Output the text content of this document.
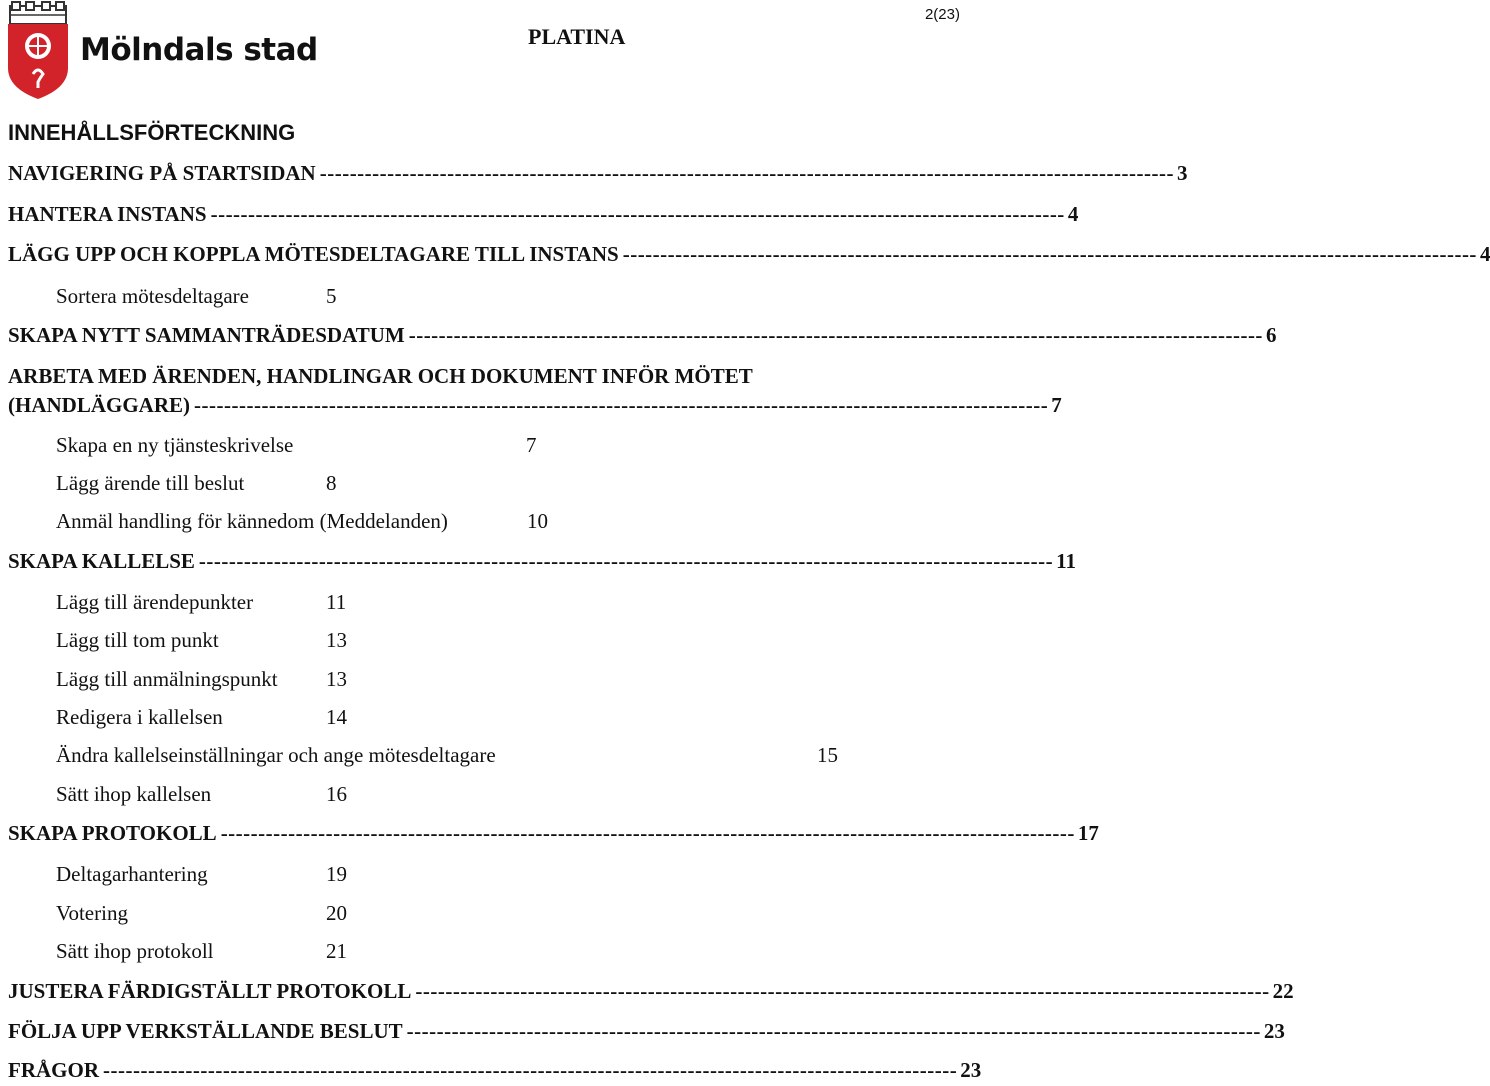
Mölndals stad	PLATINA
2(23)
INNEHÅLLSFÖRTECKNING
NAVIGERING PÅ STARTSIDAN ------------------------------------------------------------------------------------------------------------------ 3
HANTERA INSTANS ------------------------------------------------------------------------------------------------------------------ 4
LÄGG UPP OCH KOPPLA MÖTESDELTAGARE TILL INSTANS ------------------------------------------------------------------------------------------------------------------ 4
Sortera mötesdeltagare	5
SKAPA NYTT SAMMANTRÄDESDATUM ------------------------------------------------------------------------------------------------------------------ 6
ARBETA MED ÄRENDEN, HANDLINGAR OCH DOKUMENT INFÖR MÖTET
(HANDLÄGGARE) ------------------------------------------------------------------------------------------------------------------ 7
Skapa en ny tjänsteskrivelse	7
Lägg ärende till beslut	8
Anmäl handling för kännedom (Meddelanden)	10
SKAPA KALLELSE ------------------------------------------------------------------------------------------------------------------ 11
Lägg till ärendepunkter	11
Lägg till tom punkt	13
Lägg till anmälningspunkt 13
Redigera i kallelsen	14
Ändra kallelseinställningar och ange mötesdeltagare	15
Sätt ihop kallelsen	16
SKAPA PROTOKOLL ------------------------------------------------------------------------------------------------------------------ 17
Deltagarhantering	19
Votering	20
Sätt ihop protokoll	21
JUSTERA FÄRDIGSTÄLLT PROTOKOLL ------------------------------------------------------------------------------------------------------------------ 22
FÖLJA UPP VERKSTÄLLANDE BESLUT ------------------------------------------------------------------------------------------------------------------ 23
FRÅGOR ------------------------------------------------------------------------------------------------------------------ 23
